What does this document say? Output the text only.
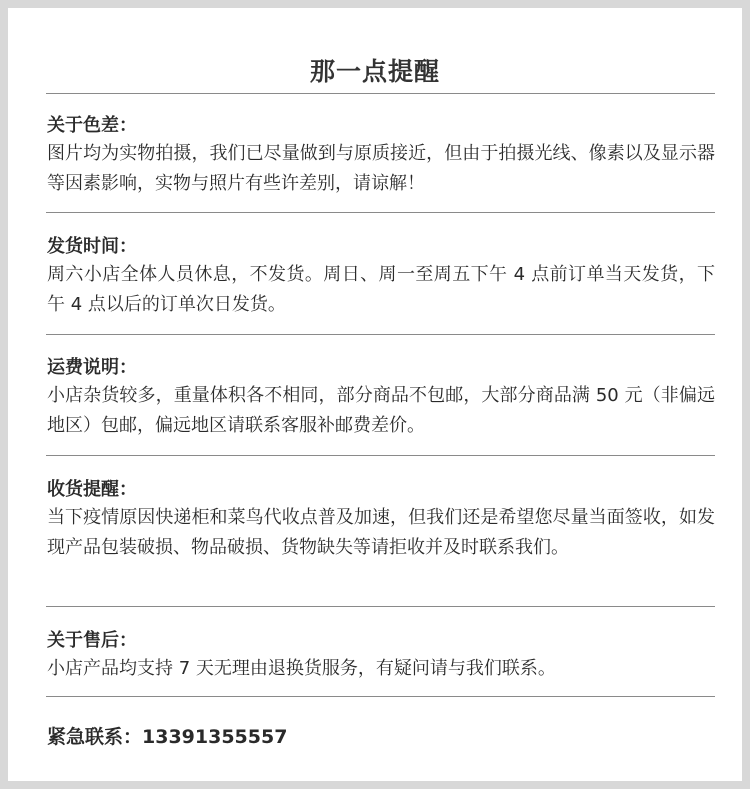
那一点提醒
关于色差：
图片均为实物拍摄，我们已尽量做到与原质接近，但由于拍摄光线、像素以及显示器等因素影响，实物与照片有些许差别，请谅解！
发货时间：
周六小店全体人员休息，不发货。周日、周一至周五下午 4 点前订单当天发货，下午 4 点以后的订单次日发货。
运费说明：
小店杂货较多，重量体积各不相同，部分商品不包邮，大部分商品满 50 元（非偏远地区）包邮，偏远地区请联系客服补邮费差价。
收货提醒：
当下疫情原因快递柜和菜鸟代收点普及加速，但我们还是希望您尽量当面签收，如发现产品包装破损、物品破损、货物缺失等请拒收并及时联系我们。
关于售后：
小店产品均支持 7 天无理由退换货服务，有疑问请与我们联系。
紧急联系：13391355557
